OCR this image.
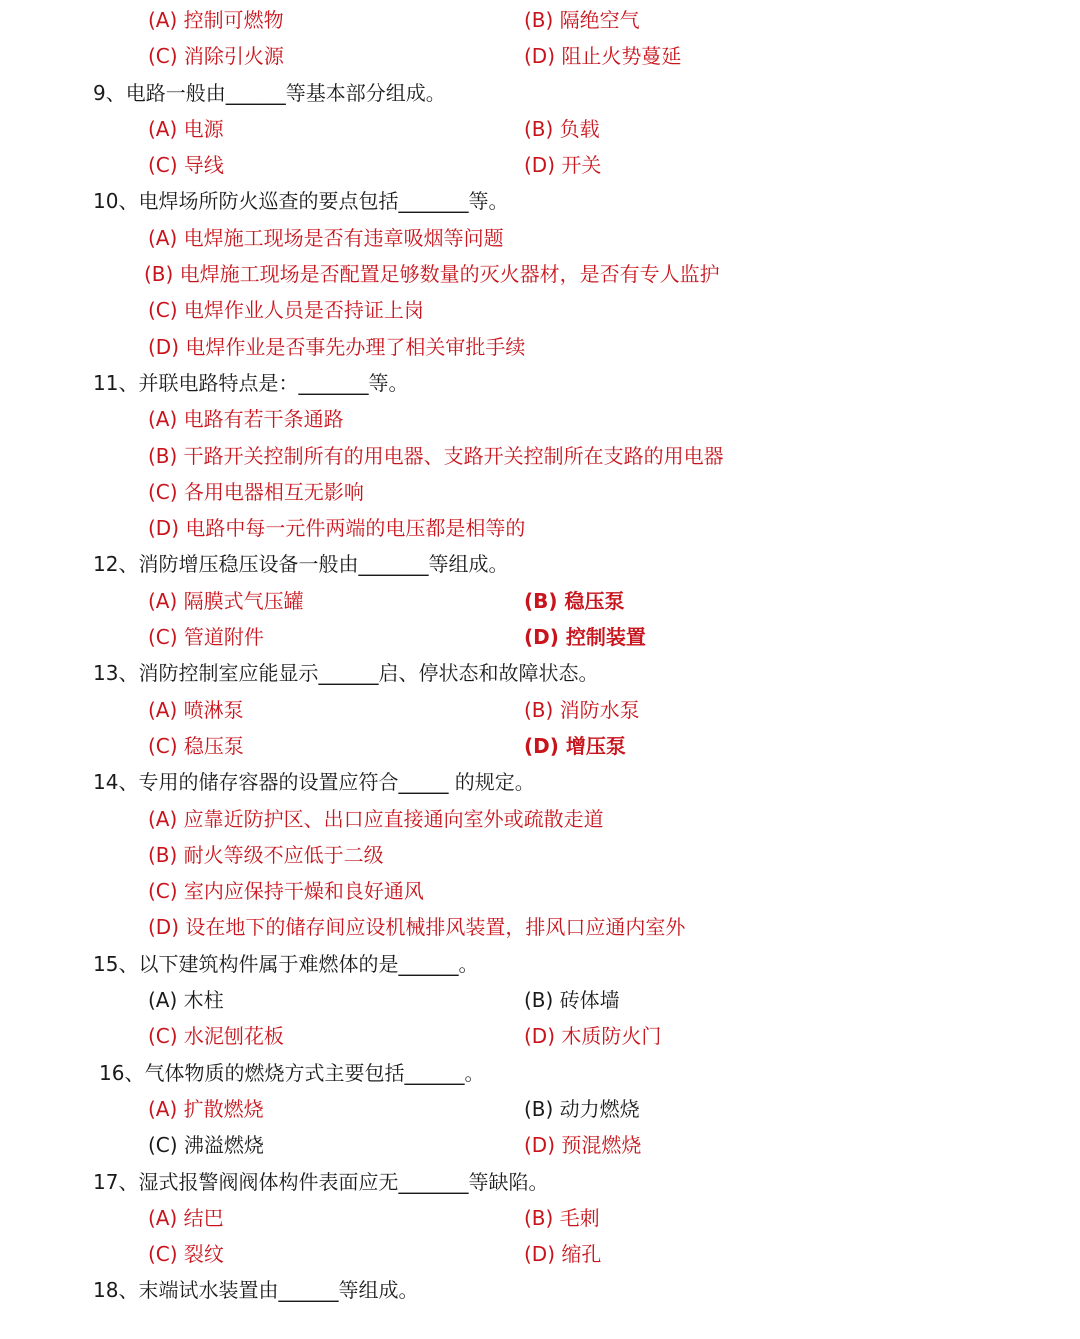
(A) 控制可燃物	(B) 隔绝空气
(C) 消除引火源	(D) 阻止火势蔓延
9、电路一般由______等基本部分组成。
(A) 电源	(B) 负载
(C) 导线	(D) 开关
10、电焊场所防火巡查的要点包括_______等。
(A) 电焊施工现场是否有违章吸烟等问题
(B) 电焊施工现场是否配置足够数量的灭火器材，是否有专人监护
(C) 电焊作业人员是否持证上岗
(D) 电焊作业是否事先办理了相关审批手续
11、并联电路特点是：_______等。
(A) 电路有若干条通路
(B) 干路开关控制所有的用电器、支路开关控制所在支路的用电器
(C) 各用电器相互无影响
(D) 电路中每一元件两端的电压都是相等的
12、消防增压稳压设备一般由_______等组成。
(A) 隔膜式气压罐	(B) 稳压泵
(C) 管道附件	(D) 控制装置
13、消防控制室应能显示______启、停状态和故障状态。
(A) 喷淋泵	(B) 消防水泵
(C) 稳压泵	(D) 增压泵
14、专用的储存容器的设置应符合_____ 的规定。
(A) 应靠近防护区、出口应直接通向室外或疏散走道
(B) 耐火等级不应低于二级
(C) 室内应保持干燥和良好通风
(D) 设在地下的储存间应设机械排风装置，排风口应通内室外
15、以下建筑构件属于难燃体的是______。
(A) 木柱	(B) 砖体墙
(C) 水泥刨花板	(D) 木质防火门
16、气体物质的燃烧方式主要包括______。
(A) 扩散燃烧	(B) 动力燃烧
(C) 沸溢燃烧	(D) 预混燃烧
17、湿式报警阀阀体构件表面应无_______等缺陷。
(A) 结巴	(B) 毛刺
(C) 裂纹	(D) 缩孔
18、末端试水装置由______等组成。
